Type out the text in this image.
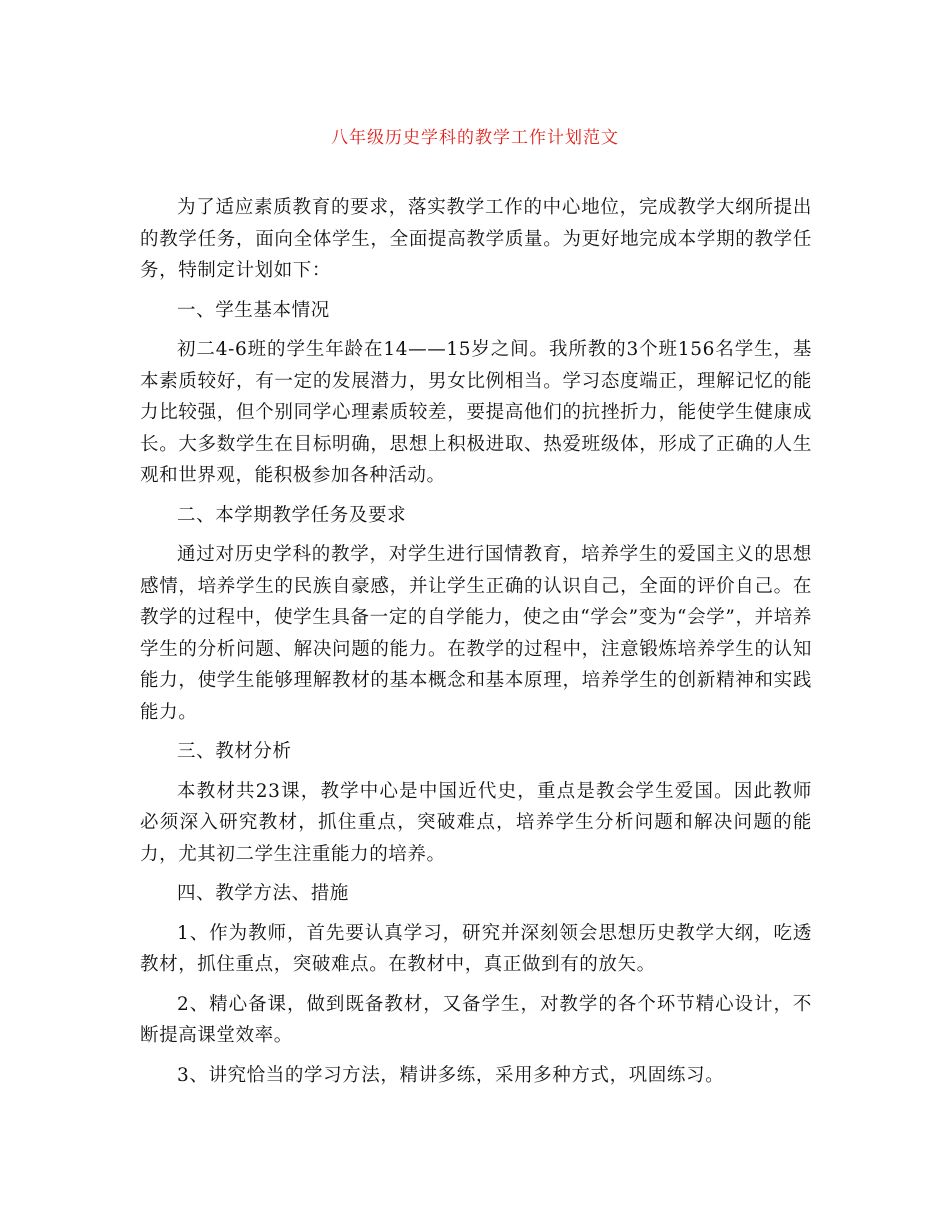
八年级历史学科的教学工作计划范文

为了适应素质教育的要求，落实教学工作的中心地位，完成教学大纲所提出的教学任务，面向全体学生，全面提高教学质量。为更好地完成本学期的教学任务，特制定计划如下：

一、学生基本情况

初二4-6班的学生年龄在14——15岁之间。我所教的3个班156名学生，基本素质较好，有一定的发展潜力，男女比例相当。学习态度端正，理解记忆的能力比较强，但个别同学心理素质较差，要提高他们的抗挫折力，能使学生健康成长。大多数学生在目标明确，思想上积极进取、热爱班级体，形成了正确的人生观和世界观，能积极参加各种活动。

二、本学期教学任务及要求

通过对历史学科的教学，对学生进行国情教育，培养学生的爱国主义的思想感情，培养学生的民族自豪感，并让学生正确的认识自己，全面的评价自己。在教学的过程中，使学生具备一定的自学能力，使之由“学会”变为“会学”，并培养学生的分析问题、解决问题的能力。在教学的过程中，注意锻炼培养学生的认知能力，使学生能够理解教材的基本概念和基本原理，培养学生的创新精神和实践能力。

三、教材分析

本教材共23课，教学中心是中国近代史，重点是教会学生爱国。因此教师必须深入研究教材，抓住重点，突破难点，培养学生分析问题和解决问题的能力，尤其初二学生注重能力的培养。

四、教学方法、措施

1、作为教师，首先要认真学习，研究并深刻领会思想历史教学大纲，吃透教材，抓住重点，突破难点。在教材中，真正做到有的放矢。

2、精心备课，做到既备教材，又备学生，对教学的各个环节精心设计，不断提高课堂效率。

3、讲究恰当的学习方法，精讲多练，采用多种方式，巩固练习。
